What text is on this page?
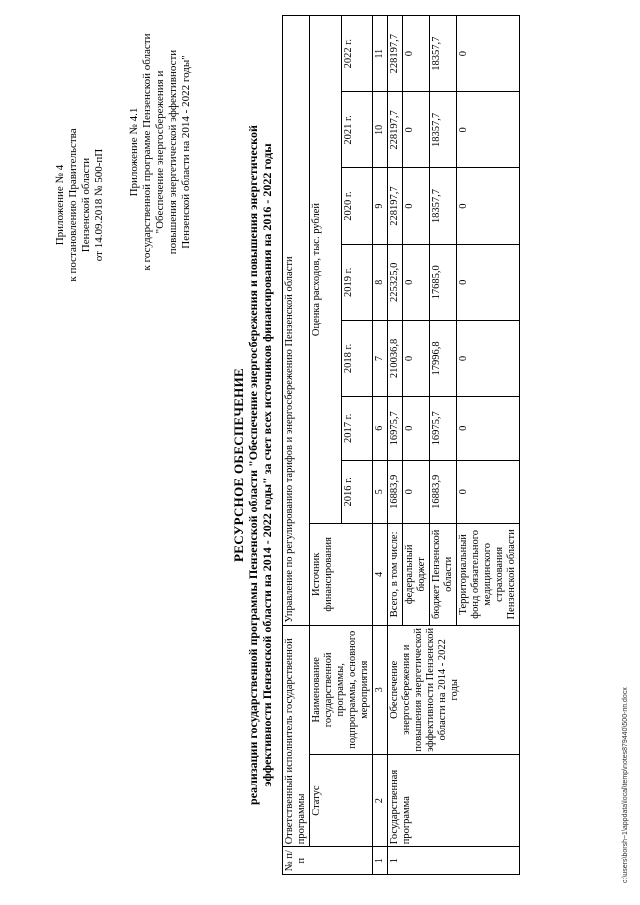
Приложение № 4 к постановлению Правительства Пензенской области от 14.09.2018 № 500-пП Приложение № 4.1 к государственной программе Пензенской области "Обеспечение энергосбережения и повышения энергетической эффективности Пензенской области на 2014 - 2022 годы"
РЕСУРСНОЕ ОБЕСПЕЧЕНИЕ реализации государственной программы Пензенской области "Обеспечение энергосбережения и повышения энергетической эффективности Пензенской области на 2014 - 2022 годы" за счет всех источников финансирования на 2016 - 2022 годы
№ п/п	Ответственный исполнитель государственной программы		Управление по регулированию тарифов и энергосбережению Пензенской области							
	Статус	Наименование государственной программы, подпрограммы, основного мероприятия	Источник финансирования	Оценка расходов, тыс. рублей						
				2016 г.	2017 г.	2018 г.	2019 г.	2020 г.	2021 г.	2022 г.
1	2	3	4	5	6	7	8	9	10	11
1	Государственная программа	Обеспечение энергосбережения и повышения энергетической эффективности Пензенской области на 2014 - 2022 годы	Всего, в том числе:	16883,9	16975,7	210036,8	225325,0	228197,7	228197,7	228197,7
			федеральный бюджет	0	0	0	0	0	0	0
			бюджет Пензенской области	16883,9	16975,7	17996,8	17685,0	18357,7	18357,7	18357,7
			Территориальный фонд обязательного медицинского страхования Пензенской области	0	0	0	0	0	0	0
c:\users\borsh~1\appdata\local\temp\notes879440\500-пп.docx
